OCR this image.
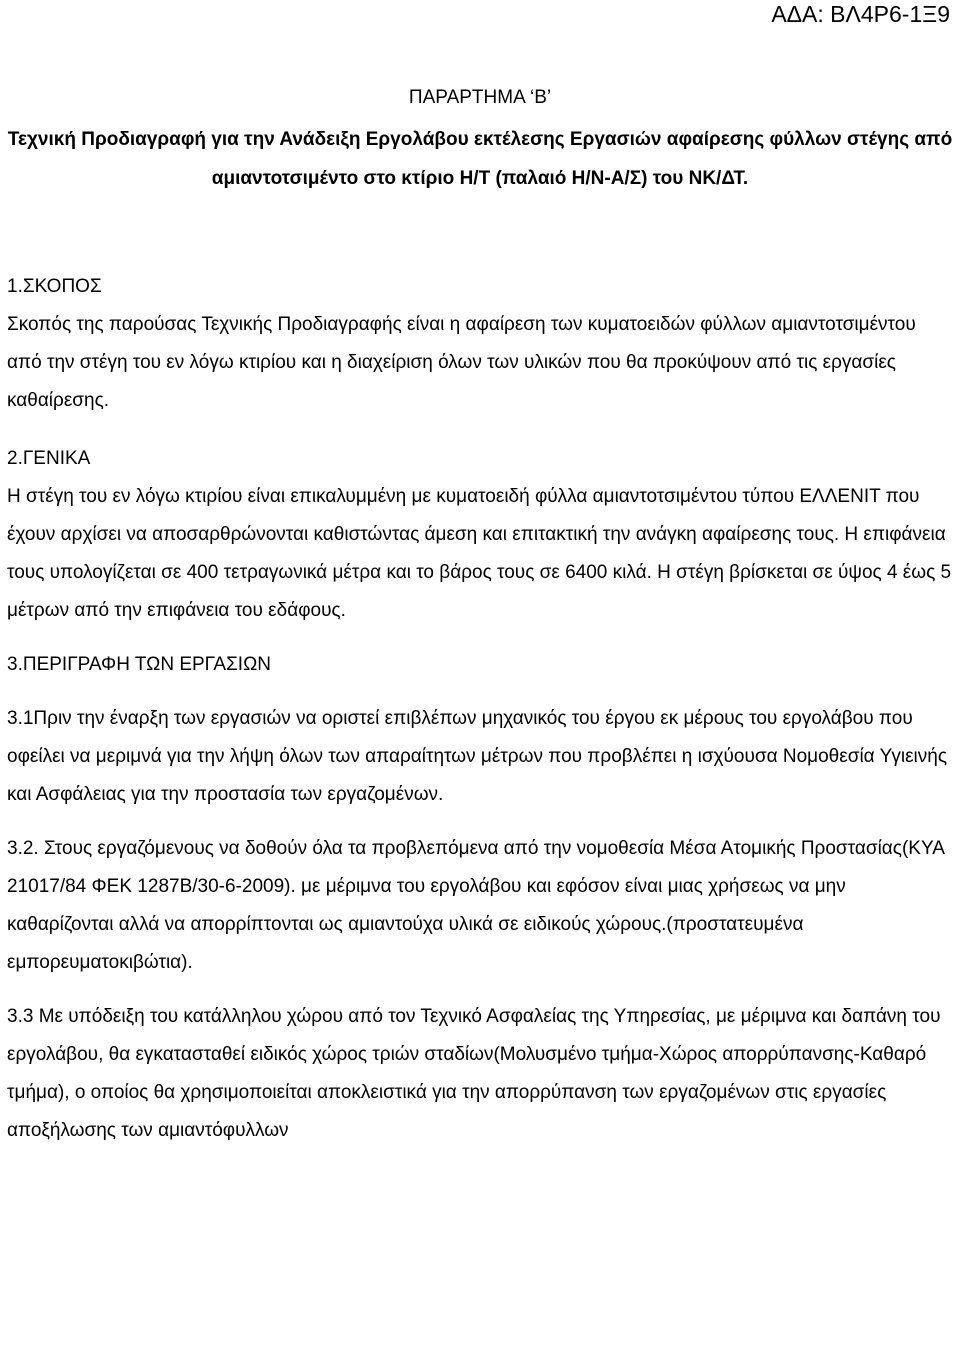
ΑΔΑ: ΒΛ4Ρ6-1Ξ9

ΠΑΡΑΡΤΗΜΑ ‘Β’

Τεχνική Προδιαγραφή για την Ανάδειξη Εργολάβου εκτέλεσης Εργασιών αφαίρεσης φύλλων στέγης από αμιαντοτσιμέντο στο κτίριο Η/Τ (παλαιό Η/Ν-Α/Σ) του ΝΚ/ΔΤ.

1.ΣΚΟΠΟΣ

Σκοπός της παρούσας Τεχνικής Προδιαγραφής είναι η αφαίρεση των κυματοειδών φύλλων αμιαντοτσιμέντου από την στέγη του εν λόγω κτιρίου και η διαχείριση όλων των υλικών που θα προκύψουν από τις εργασίες καθαίρεσης.

2.ΓΕΝΙΚΑ

Η στέγη του εν λόγω κτιρίου είναι επικαλυμμένη με κυματοειδή φύλλα αμιαντοτσιμέντου τύπου ΕΛΛΕΝΙΤ που έχουν αρχίσει να αποσαρθρώνονται καθιστώντας άμεση και επιτακτική την ανάγκη αφαίρεσης τους. Η επιφάνεια τους υπολογίζεται σε 400 τετραγωνικά μέτρα και το βάρος τους σε 6400 κιλά. Η στέγη βρίσκεται σε ύψος 4 έως 5 μέτρων από την επιφάνεια του εδάφους.

3.ΠΕΡΙΓΡΑΦΗ ΤΩΝ ΕΡΓΑΣΙΩΝ

3.1Πριν την έναρξη των εργασιών να οριστεί επιβλέπων μηχανικός του έργου εκ μέρους του εργολάβου που οφείλει να μεριμνά για την λήψη όλων των απαραίτητων μέτρων που προβλέπει η ισχύουσα Νομοθεσία Υγιεινής και Ασφάλειας για την προστασία των εργαζομένων.

3.2. Στους εργαζόμενους να δοθούν όλα τα προβλεπόμενα από την νομοθεσία Μέσα Ατομικής Προστασίας(ΚΥΑ 21017/84 ΦΕΚ 1287Β/30-6-2009). με μέριμνα του εργολάβου και εφόσον είναι μιας χρήσεως να μην καθαρίζονται αλλά να απορρίπτονται ως αμιαντούχα υλικά σε ειδικούς χώρους.(προστατευμένα εμπορευματοκιβώτια).

3.3 Με υπόδειξη του κατάλληλου χώρου από τον Τεχνικό Ασφαλείας της Υπηρεσίας, με μέριμνα και δαπάνη του εργολάβου, θα εγκατασταθεί ειδικός χώρος τριών σταδίων(Μολυσμένο τμήμα-Χώρος απορρύπανσης-Καθαρό τμήμα), ο οποίος θα χρησιμοποιείται αποκλειστικά για την απορρύπανση των εργαζομένων στις εργασίες αποξήλωσης των αμιαντόφυλλων
